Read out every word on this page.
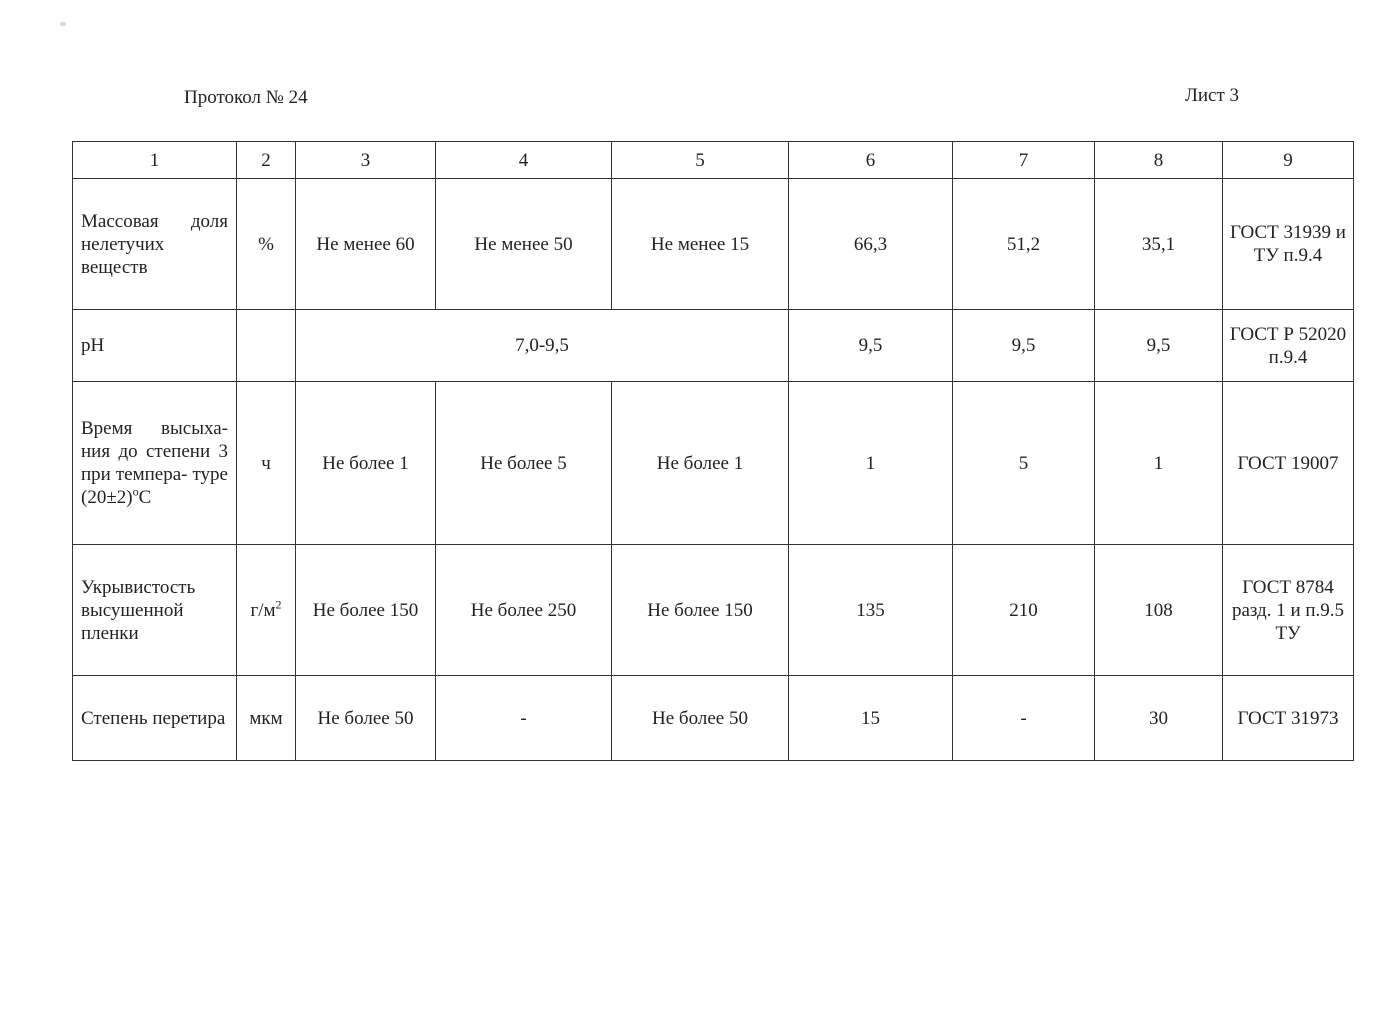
Протокол № 24	Лист 3
1	2	3	4	5	6	7	8	9
Массовая доля нелетучих веществ	%	Не менее 60	Не менее 50	Не менее 15	66,3	51,2	35,1	ГОСТ 31939 и ТУ п.9.4
pH		7,0-9,5			9,5	9,5	9,5	ГОСТ Р 52020 п.9.4
Время высыха- ния до степени 3 при темпера- туре $(20\pm 2)^оС$	ч	Не более 1	Не более 5	Не более 1	1	5	1	ГОСТ 19007
Укрывистость высушенной пленки	$г/м^2$	Не более 150	Не более 250	Не более 150	135	210	108	ГОСТ 8784 разд. 1 и п.9.5 ТУ
Степень перетира	мкм	Не более 50	-	Не более 50	15	-	30	ГОСТ 31973
